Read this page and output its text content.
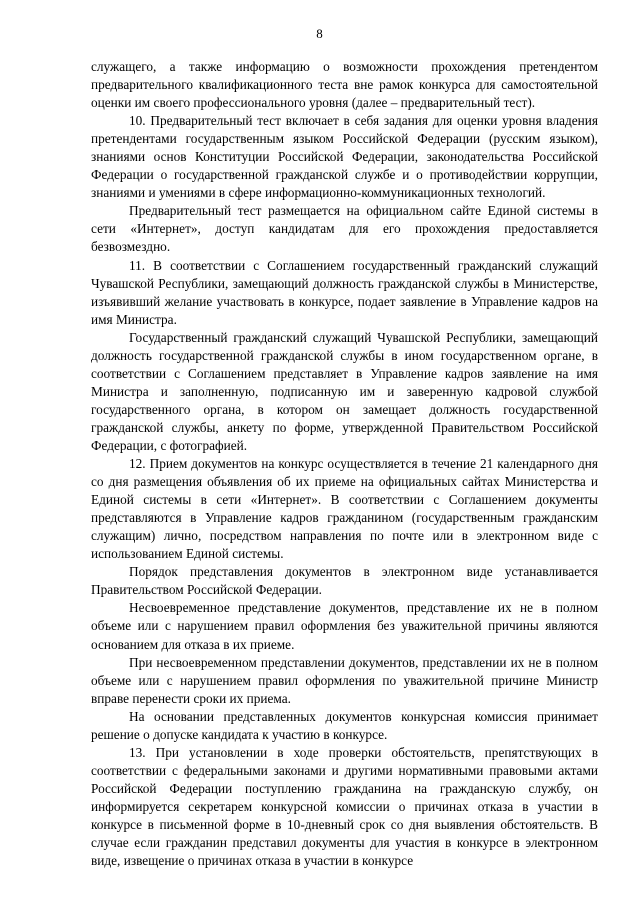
8

служащего, а также информацию о возможности прохождения претендентом предварительного квалификационного теста вне рамок конкурса для самостоятельной оценки им своего профессионального уровня (далее – предварительный тест).

10. Предварительный тест включает в себя задания для оценки уровня владения претендентами государственным языком Российской Федерации (русским языком), знаниями основ Конституции Российской Федерации, законодательства Российской Федерации о государственной гражданской службе и о противодействии коррупции, знаниями и умениями в сфере информационно-коммуникационных технологий.

Предварительный тест размещается на официальном сайте Единой системы в сети «Интернет», доступ кандидатам для его прохождения предоставляется безвозмездно.

11. В соответствии с Соглашением государственный гражданский служащий Чувашской Республики, замещающий должность гражданской службы в Министерстве, изъявивший желание участвовать в конкурсе, подает заявление в Управление кадров на имя Министра.

Государственный гражданский служащий Чувашской Республики, замещающий должность государственной гражданской службы в ином государственном органе, в соответствии с Соглашением представляет в Управление кадров заявление на имя Министра и заполненную, подписанную им и заверенную кадровой службой государственного органа, в котором он замещает должность государственной гражданской службы, анкету по форме, утвержденной Правительством Российской Федерации, с фотографией.

12. Прием документов на конкурс осуществляется в течение 21 календарного дня со дня размещения объявления об их приеме на официальных сайтах Министерства и Единой системы в сети «Интернет». В соответствии с Соглашением документы представляются в Управление кадров гражданином (государственным гражданским служащим) лично, посредством направления по почте или в электронном виде с использованием Единой системы.

Порядок представления документов в электронном виде устанавливается Правительством Российской Федерации.

Несвоевременное представление документов, представление их не в полном объеме или с нарушением правил оформления без уважительной причины являются основанием для отказа в их приеме.

При несвоевременном представлении документов, представлении их не в полном объеме или с нарушением правил оформления по уважительной причине Министр вправе перенести сроки их приема.

На основании представленных документов конкурсная комиссия принимает решение о допуске кандидата к участию в конкурсе.

13. При установлении в ходе проверки обстоятельств, препятствующих в соответствии с федеральными законами и другими нормативными правовыми актами Российской Федерации поступлению гражданина на гражданскую службу, он информируется секретарем конкурсной комиссии о причинах отказа в участии в конкурсе в письменной форме в 10-дневный срок со дня выявления обстоятельств. В случае если гражданин представил документы для участия в конкурсе в электронном виде, извещение о причинах отказа в участии в конкурсе
